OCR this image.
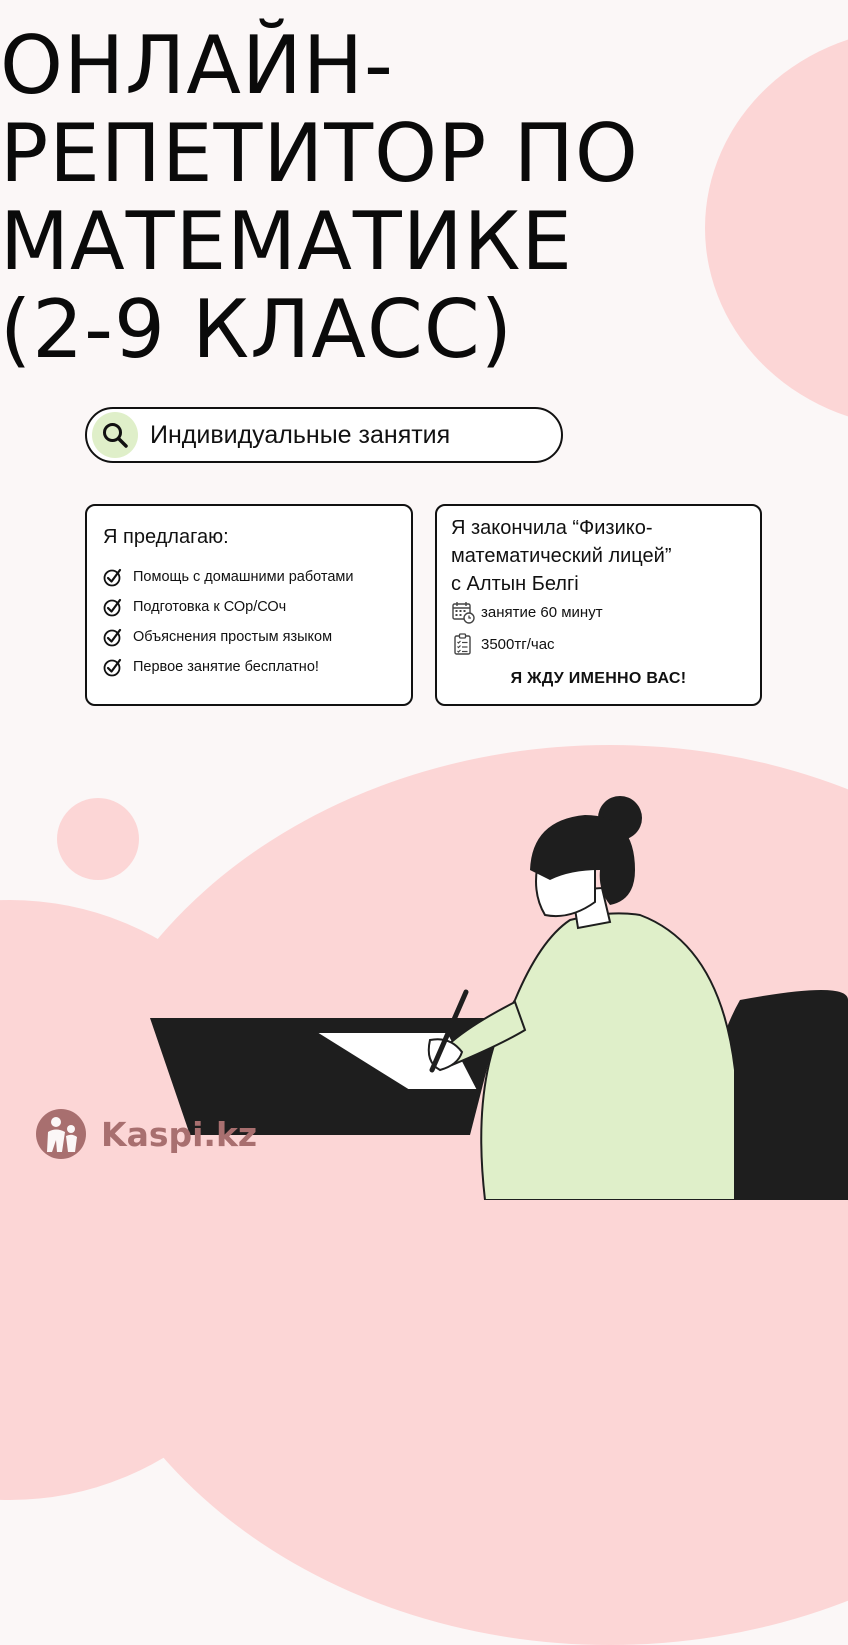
ОНЛАЙН-
РЕПЕТИТОР ПО
МАТЕМАТИКЕ
(2-9 КЛАСС)
Индивидуальные занятия
Я предлагаю:
Помощь с домашними работами
Подготовка к СОр/СОч
Объяснения простым языком
Первое занятие бесплатно!

Я закончила “Физико-
математический лицей”
с Алтын Белгі

занятие 60 минут
3500тг/час
Я ЖДУ ИМЕННО ВАС!
Kaspi.kz
